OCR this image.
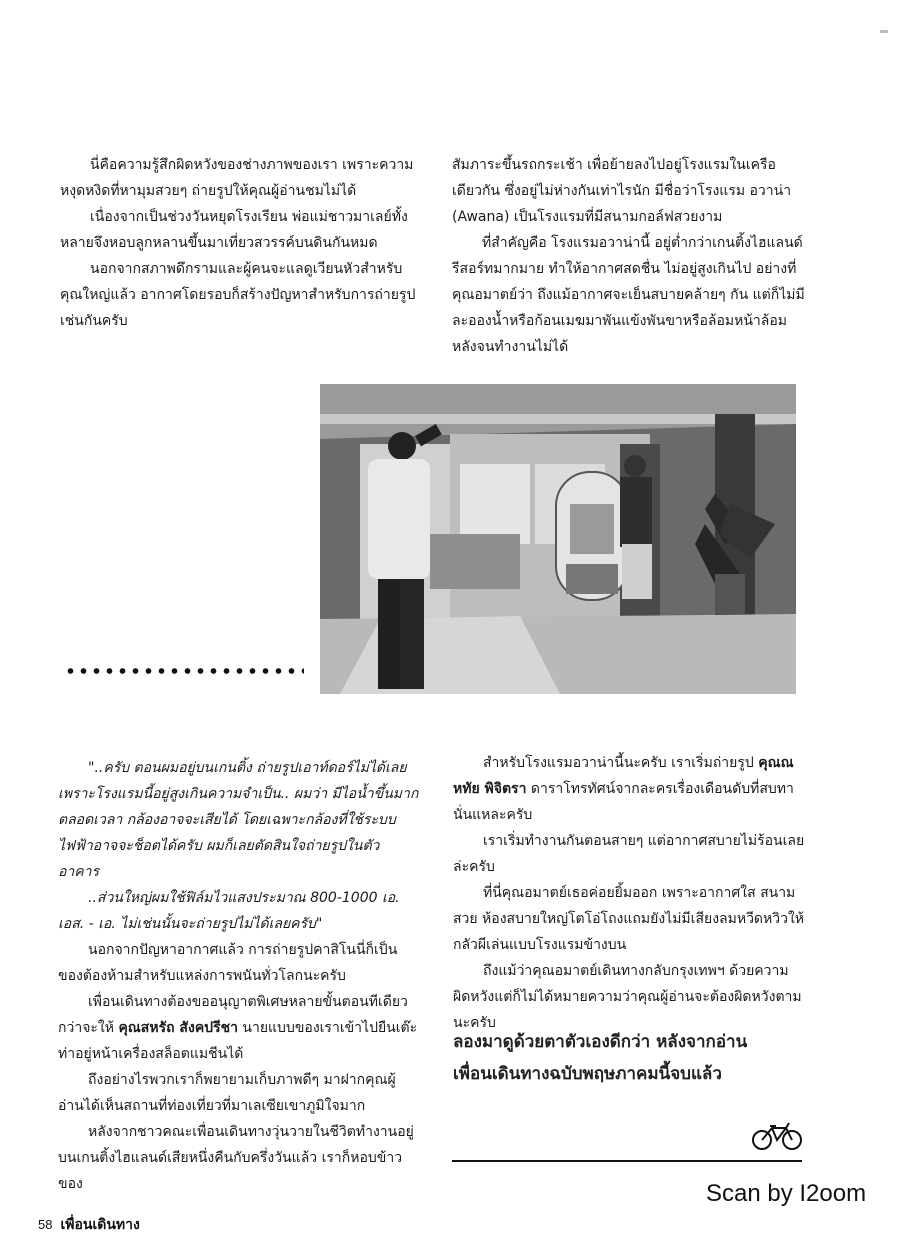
นี่คือความรู้สึกผิดหวังของช่างภาพของเรา เพราะความหงุดหงิดที่หามุมสวยๆ ถ่ายรูปให้คุณผู้อ่านชมไม่ได้

เนื่องจากเป็นช่วงวันหยุดโรงเรียน พ่อแม่ชาวมาเลย์ทั้งหลายจึงหอบลูกหลานขึ้นมาเที่ยวสวรรค์บนดินกันหมด

นอกจากสภาพดึกรามและผู้คนจะแลดูเวียนหัวสำหรับคุณใหญ่แล้ว อากาศโดยรอบก็สร้างปัญหาสำหรับการถ่ายรูปเช่นกันครับ

สัมภาระขึ้นรถกระเช้า เพื่อย้ายลงไปอยู่โรงแรมในเครือเดียวกัน ซึ่งอยู่ไม่ห่างกันเท่าไรนัก มีชื่อว่าโรงแรม อวาน่า (Awana) เป็นโรงแรมที่มีสนามกอล์ฟสวยงาม

ที่สำคัญคือ โรงแรมอวาน่านี้ อยู่ต่ำกว่าเกนติ้งไฮแลนด์รีสอร์ทมากมาย ทำให้อากาศสดชื่น ไม่อยู่สูงเกินไป อย่างที่คุณอมาตย์ว่า ถึงแม้อากาศจะเย็นสบายคล้ายๆ กัน แต่ก็ไม่มีละอองน้ำหรือก้อนเมฆมาพันแข้งพันขาหรือล้อมหน้าล้อมหลังจนทำงานไม่ได้

"..ครับ ตอนผมอยู่บนเกนติ้ง ถ่ายรูปเอาท์ดอร์ไม่ได้เลย เพราะโรงแรมนี้อยู่สูงเกินความจำเป็น.. ผมว่า มีไอน้ำขึ้นมากตลอดเวลา กล้องอาจจะเสียได้ โดยเฉพาะกล้องที่ใช้ระบบไฟฟ้าอาจจะช็อตได้ครับ ผมก็เลยตัดสินใจถ่ายรูปในตัวอาคาร

..ส่วนใหญ่ผมใช้ฟิล์มไวแสงประมาณ 800-1000 เอ. เอส. - เอ. ไม่เช่นนั้นจะถ่ายรูปไม่ได้เลยครับ"

นอกจากปัญหาอากาศแล้ว การถ่ายรูปคาสิโนนี่ก็เป็นของต้องห้ามสำหรับแหล่งการพนันทั่วโลกนะครับ

เพื่อนเดินทางต้องขออนุญาตพิเศษหลายขั้นตอนทีเดียว กว่าจะให้ คุณสหรัถ สังคปรีชา นายแบบของเราเข้าไปยืนเต๊ะท่าอยู่หน้าเครื่องสล็อตแมชีนได้

ถึงอย่างไรพวกเราก็พยายามเก็บภาพดีๆ มาฝากคุณผู้อ่านได้เห็นสถานที่ท่องเที่ยวที่มาเลเซียเขาภูมิใจมาก

หลังจากชาวคณะเพื่อนเดินทางวุ่นวายในชีวิตทำงานอยู่บนเกนติ้งไฮแลนด์เสียหนึ่งคืนกับครึ่งวันแล้ว เราก็หอบข้าวของ

สำหรับโรงแรมอวาน่านี้นะครับ เราเริ่มถ่ายรูป คุณณหทัย พิจิตรา ดาราโทรทัศน์จากละครเรื่องเดือนดับที่สบทานั่นแหละครับ

เราเริ่มทำงานกันตอนสายๆ แต่อากาศสบายไม่ร้อนเลยล่ะครับ

ที่นี่คุณอมาตย์เธอค่อยยิ้มออก เพราะอากาศใส สนามสวย ห้องสบายใหญ่โตโอ่โถงแถมยังไม่มีเสียงลมหวีดหวิวให้กลัวผีเล่นแบบโรงแรมข้างบน

ถึงแม้ว่าคุณอมาตย์เดินทางกลับกรุงเทพฯ ด้วยความผิดหวังแต่ก็ไม่ได้หมายความว่าคุณผู้อ่านจะต้องผิดหวังตามนะครับ

ลองมาดูด้วยตาตัวเองดีกว่า หลังจากอ่าน
เพื่อนเดินทางฉบับพฤษภาคมนี้จบแล้ว
Scan by I2oom
58 เพื่อนเดินทาง
